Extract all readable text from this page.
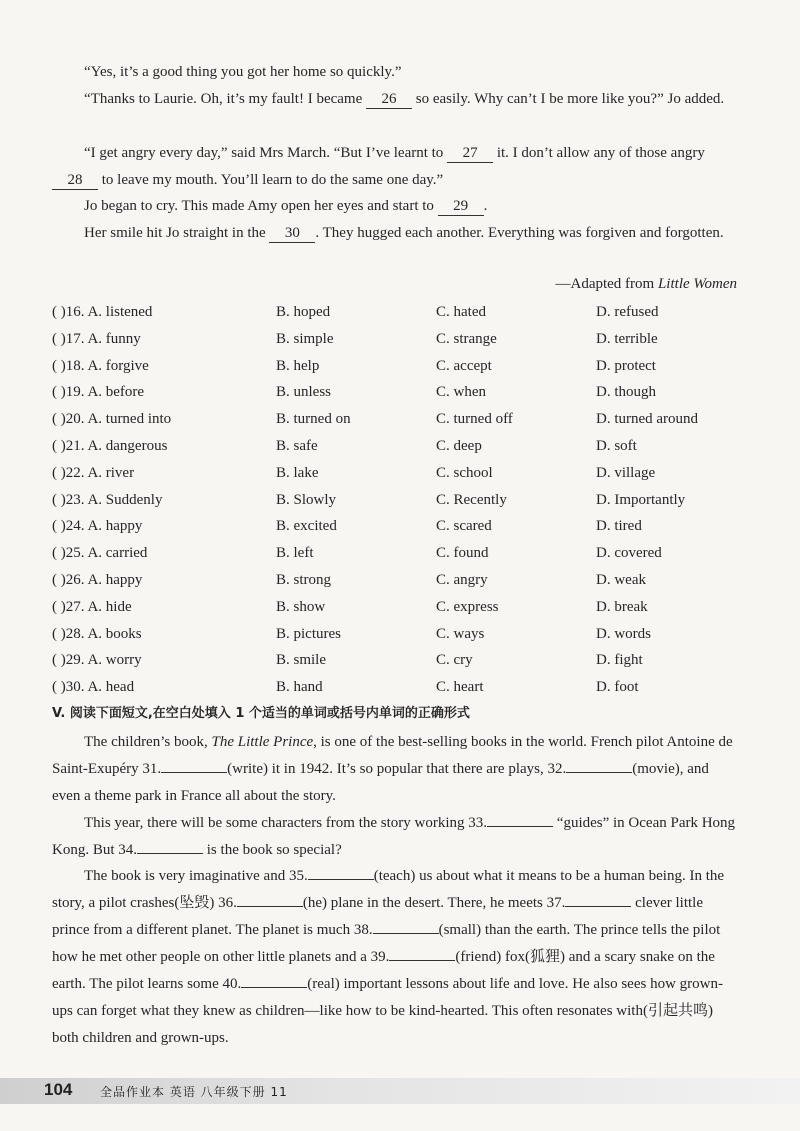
“Yes, it’s a good thing you got her home so quickly.”

“Thanks to Laurie. Oh, it’s my fault! I became 26 so easily. Why can’t I be more like you?” Jo added.

“I get angry every day,” said Mrs March. “But I’ve learnt to 27 it. I don’t allow any of those angry 28 to leave my mouth. You’ll learn to do the same one day.”

Jo began to cry. This made Amy open her eyes and start to 29 .

Her smile hit Jo straight in the 30 . They hugged each another. Everything was forgiven and forgotten.

—Adapted from Little Women
( )16. A. listened	B. hoped	C. hated	D. refused
( )17. A. funny	B. simple	C. strange	D. terrible
( )18. A. forgive	B. help	C. accept	D. protect
( )19. A. before	B. unless	C. when	D. though
( )20. A. turned into	B. turned on	C. turned off	D. turned around
( )21. A. dangerous	B. safe	C. deep	D. soft
( )22. A. river	B. lake	C. school	D. village
( )23. A. Suddenly	B. Slowly	C. Recently	D. Importantly
( )24. A. happy	B. excited	C. scared	D. tired
( )25. A. carried	B. left	C. found	D. covered
( )26. A. happy	B. strong	C. angry	D. weak
( )27. A. hide	B. show	C. express	D. break
( )28. A. books	B. pictures	C. ways	D. words
( )29. A. worry	B. smile	C. cry	D. fight
( )30. A. head	B. hand	C. heart	D. foot
V. 阅读下面短文,在空白处填入 1 个适当的单词或括号内单词的正确形式

The children’s book, The Little Prince, is one of the best-selling books in the world. French pilot Antoine de Saint-Exupéry 31.	(write) it in 1942. It’s so popular that there are plays, 32.	(movie), and even a theme park in France all about the story.

This year, there will be some characters from the story working 33.	“guides” in Ocean Park Hong Kong. But 34.	is the book so special?

The book is very imaginative and 35.	(teach) us about what it means to be a human being. In the story, a pilot crashes(坠毁) 36.	(he) plane in the desert. There, he meets 37.	clever little prince from a different planet. The planet is much 38.	(small) than the earth. The prince tells the pilot how he met other people on other little planets and a 39.	(friend) fox(狐狸) and a scary snake on the earth. The pilot learns some 40.	(real) important lessons about life and love. He also sees how grown-ups can forget what they knew as children—like how to be kind-hearted. This often resonates with(引起共鸣) both children and grown-ups.

104 全品作业本 英语 八年级下册 11
